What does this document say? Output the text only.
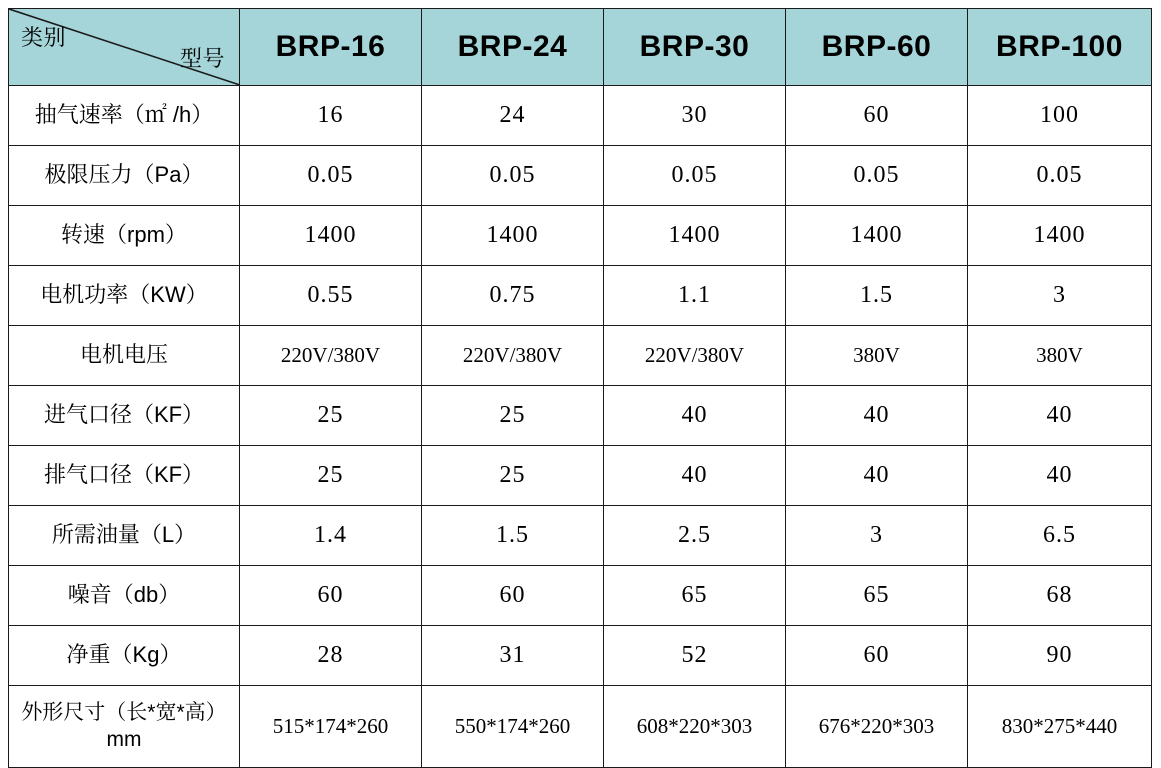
类别
型号	BRP-16	BRP-24	BRP-30	BRP-60	BRP-100
抽气速率（㎡ /h）	16	24	30	60	100
极限压力（Pa）	0.05	0.05	0.05	0.05	0.05
转速（rpm）	1400	1400	1400	1400	1400
电机功率（KW）	0.55	0.75	1.1	1.5	3
电机电压	220V/380V	220V/380V	220V/380V	380V	380V
进气口径（KF）	25	25	40	40	40
排气口径（KF）	25	25	40	40	40
所需油量（L）	1.4	1.5	2.5	3	6.5
噪音（db）	60	60	65	65	68
净重（Kg）	28	31	52	60	90
外形尺寸（长*宽*高）mm	515*174*260	550*174*260	608*220*303	676*220*303	830*275*440
